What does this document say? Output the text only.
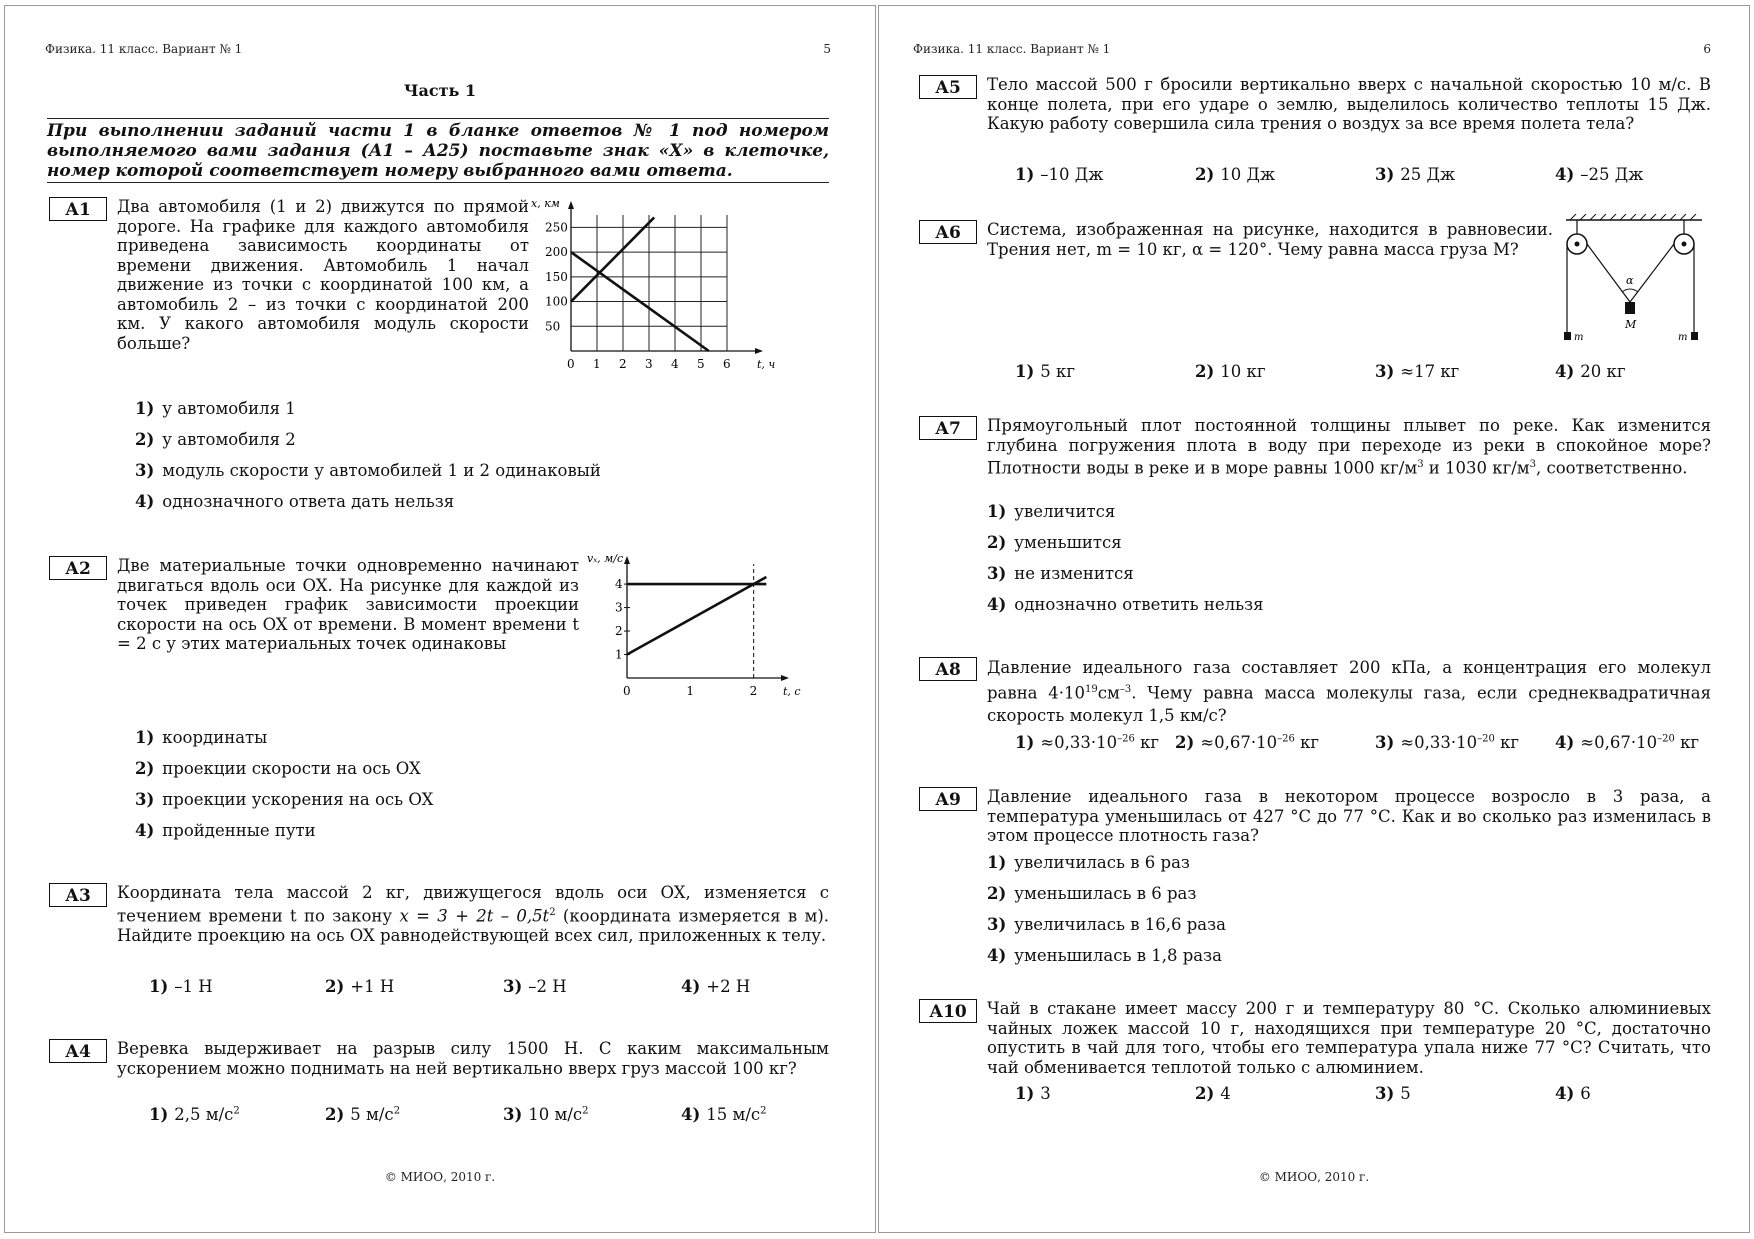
Физика. 11 класс. Вариант № 1	5
Часть 1
При выполнении заданий части 1 в бланке ответов № 1 под номером выполняемого вами задания (А1 – А25) поставьте знак «Х» в клеточке, номер которой соответствует номеру выбранного вами ответа.
А1	Два автомобиля (1 и 2) движутся по прямой дороге. На графике для каждого автомобиля приведена зависимость координаты от времени движения. Автомобиль 1 начал движение из точки с координатой 100 км, а автомобиль 2 – из точки с координатой 200 км. У какого автомобиля модуль скорости больше?
0 1 2 3 4 5 6
50
100
150
200
250
t, ч
x, км
1) у автомобиля 1
2) у автомобиля 2
3) модуль скорости у автомобилей 1 и 2 одинаковый
4) однозначного ответа дать нельзя
А2	Две материальные точки одновременно начинают двигаться вдоль оси OX. На рисунке для каждой из точек приведен график зависимости проекции скорости на ось OX от времени. В момент времени t = 2 с у этих материальных точек одинаковы
0	1	2
1
2
3
4
t, с
vₓ, м/с
1) координаты
2) проекции скорости на ось OX
3) проекции ускорения на ось OX
4) пройденные пути
А3	Координата тела массой 2 кг, движущегося вдоль оси OX, изменяется с течением времени t по закону $x = 3 + 2t - 0,5t^2$ (координата измеряется в м). Найдите проекцию на ось OX равнодействующей всех сил, приложенных к телу.
1) –1 Н	2) +1 Н	3) –2 Н	4) +2 Н
А4	Веревка выдерживает на разрыв силу 1500 Н. С каким максимальным ускорением можно поднимать на ней вертикально вверх груз массой 100 кг?
1) 2,5 $м/с^2$	2) 5 $м/с^2$	3) 10 $м/с^2$	4) 15 $м/с^2$
© МИОО, 2010 г.
Физика. 11 класс. Вариант № 1	6
А5	Тело массой 500 г бросили вертикально вверх с начальной скоростью 10 м/с. В конце полета, при его ударе о землю, выделилось количество теплоты 15 Дж. Какую работу совершила сила трения о воздух за все время полета тела?
1) –10 Дж	2) 10 Дж	3) 25 Дж	4) –25 Дж
А6	Система, изображенная на рисунке, находится в равновесии. Трения нет, m = 10 кг, α = 120°. Чему равна масса груза M?
α
M
m	m
1) 5 кг	2) 10 кг	3) ≈17 кг	4) 20 кг
А7	Прямоугольный плот постоянной толщины плывет по реке. Как изменится глубина погружения плота в воду при переходе из реки в спокойное море? Плотности воды в реке и в море равны 1000 $кг/м^3$ и 1030 $кг/м^3$, соответственно.
1) увеличится
2) уменьшится
3) не изменится
4) однозначно ответить нельзя
А8	Давление идеального газа составляет 200 кПа, а концентрация его молекул равна $4\cdot 10^{19}см^{-3}$. Чему равна масса молекулы газа, если среднеквадратичная скорость молекул 1,5 км/с?
$1) \approx 0,33\cdot 10^{-26}$ кг $2) \approx 0,67\cdot 10^{-26}$ кг	$3) \approx 0,33\cdot 10^{-20}$ кг $4) \approx 0,67\cdot 10^{-20}$ кг
А9	Давление идеального газа в некотором процессе возросло в 3 раза, а температура уменьшилась от 427 °С до 77 °С. Как и во сколько раз изменилась в этом процессе плотность газа?
1) увеличилась в 6 раз
2) уменьшилась в 6 раз
3) увеличилась в 16,6 раза
4) уменьшилась в 1,8 раза
А10	Чай в стакане имеет массу 200 г и температуру 80 °С. Сколько алюминиевых чайных ложек массой 10 г, находящихся при температуре 20 °С, достаточно опустить в чай для того, чтобы его температура упала ниже 77 °С? Считать, что чай обменивается теплотой только с алюминием.
1) 3	2) 4	3) 5	4) 6
© МИОО, 2010 г.
